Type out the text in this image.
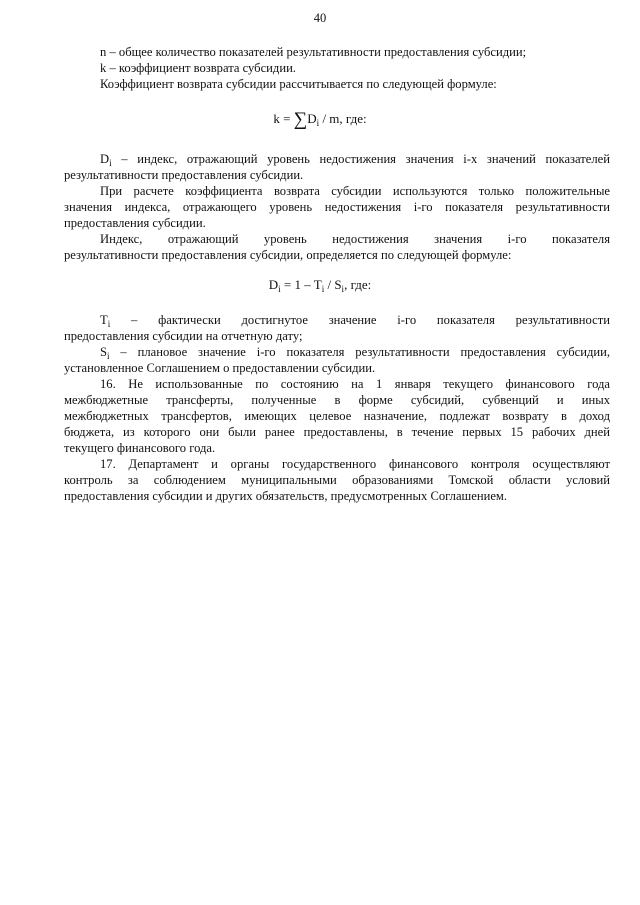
40
n – общее количество показателей результативности предоставления субсидии;
k – коэффициент возврата субсидии.
Коэффициент возврата субсидии рассчитывается по следующей формуле:
$k = \sum D_i / m$, где:
$D_i$ – индекс, отражающий уровень недостижения значения i-х значений показателей
результативности предоставления субсидии.
При расчете коэффициента возврата субсидии используются только положительные
значения индекса, отражающего уровень недостижения i-го показателя результативности
предоставления субсидии.
Индекс, отражающий уровень недостижения значения i-го показателя
результативности предоставления субсидии, определяется по следующей формуле:
$D_i = 1 - T_i / S_i$, где:
$T_i$ – фактически достигнутое значение i-го показателя результативности
предоставления субсидии на отчетную дату;
$S_i$ – плановое значение i-го показателя результативности предоставления субсидии,
установленное Соглашением о предоставлении субсидии.
16. Не использованные по состоянию на 1 января текущего финансового года
межбюджетные трансферты, полученные в форме субсидий, субвенций и иных
межбюджетных трансфертов, имеющих целевое назначение, подлежат возврату в доход
бюджета, из которого они были ранее предоставлены, в течение первых 15 рабочих дней
текущего финансового года.
17. Департамент и органы государственного финансового контроля осуществляют
контроль за соблюдением муниципальными образованиями Томской области условий
предоставления субсидии и других обязательств, предусмотренных Соглашением.
